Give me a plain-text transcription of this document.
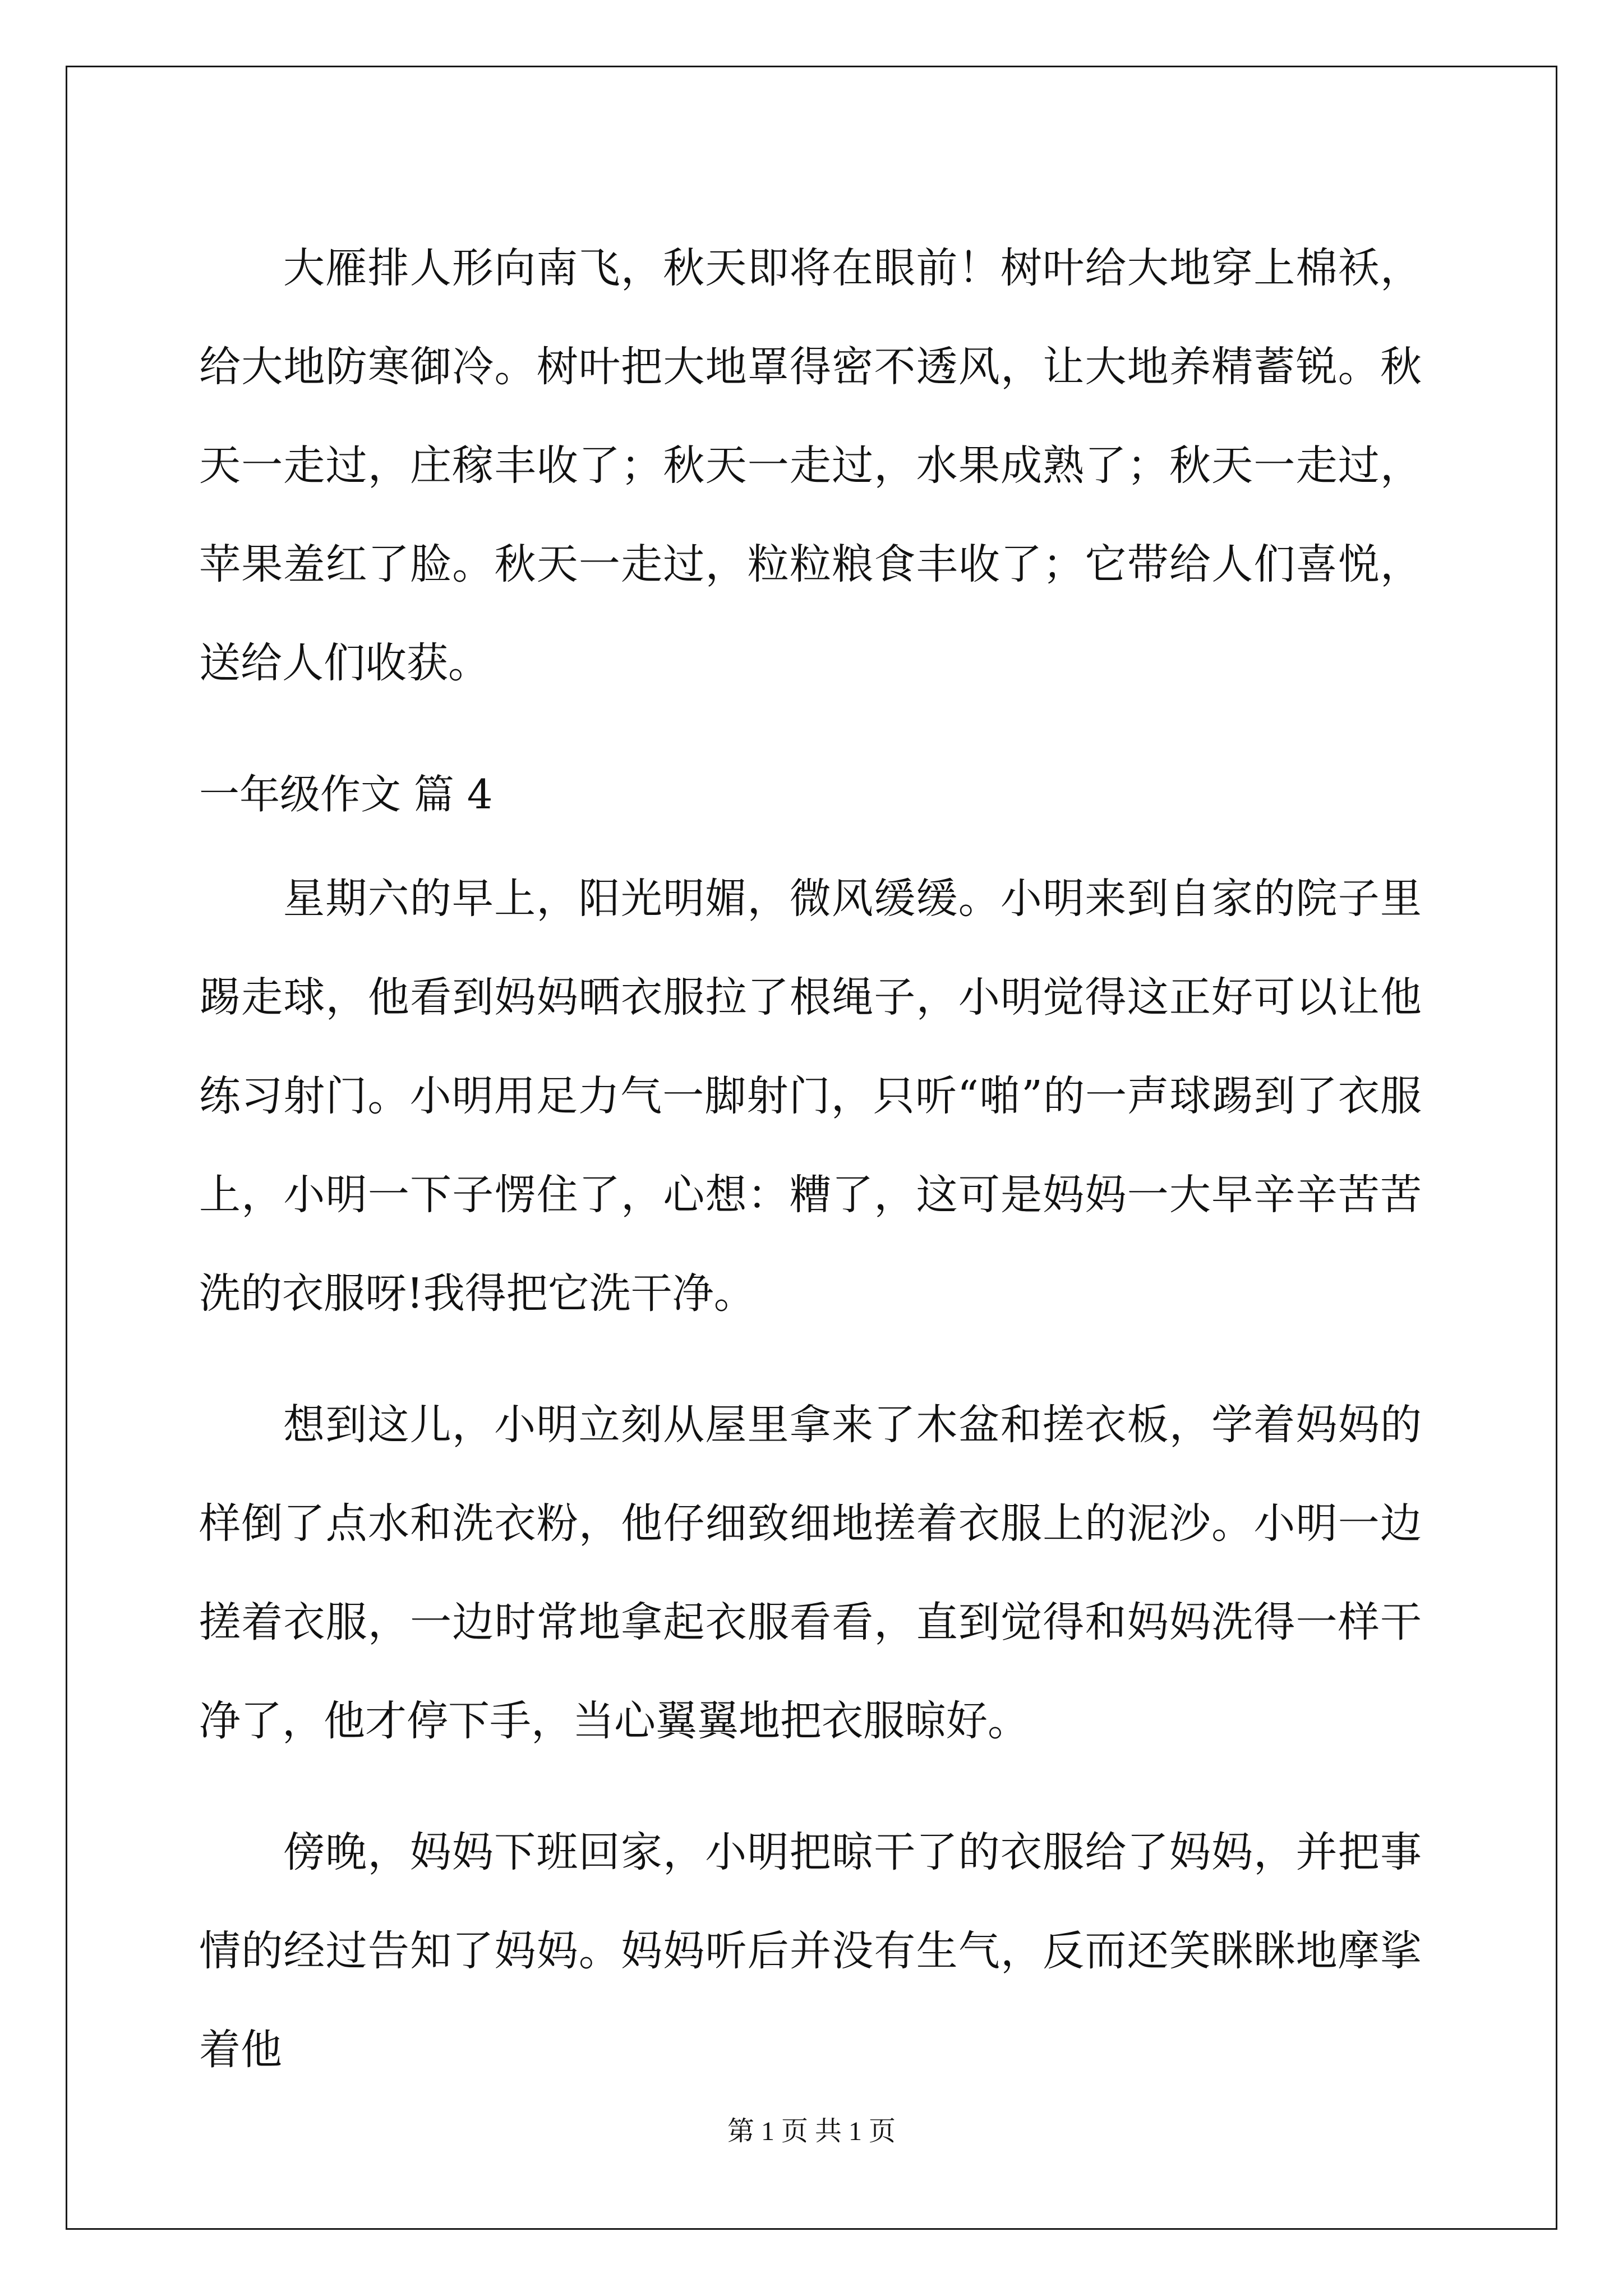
大雁排人形向南飞，秋天即将在眼前！树叶给大地穿上棉袄，给大地防寒御冷。树叶把大地罩得密不透风，让大地养精蓄锐。秋天一走过，庄稼丰收了；秋天一走过，水果成熟了；秋天一走过，苹果羞红了脸。秋天一走过，粒粒粮食丰收了；它带给人们喜悦，送给人们收获。

一年级作文 篇 4

星期六的早上，阳光明媚，微风缓缓。小明来到自家的院子里踢走球，他看到妈妈晒衣服拉了根绳子，小明觉得这正好可以让他练习射门。小明用足力气一脚射门，只听“啪”的一声球踢到了衣服上，小明一下子愣住了，心想：糟了，这可是妈妈一大早辛辛苦苦洗的衣服呀!我得把它洗干净。

想到这儿，小明立刻从屋里拿来了木盆和搓衣板，学着妈妈的样倒了点水和洗衣粉，他仔细致细地搓着衣服上的泥沙。小明一边搓着衣服，一边时常地拿起衣服看看，直到觉得和妈妈洗得一样干净了，他才停下手，当心翼翼地把衣服晾好。

傍晚，妈妈下班回家，小明把晾干了的衣服给了妈妈，并把事情的经过告知了妈妈。妈妈听后并没有生气，反而还笑眯眯地摩挲着他

第 1 页 共 1 页
